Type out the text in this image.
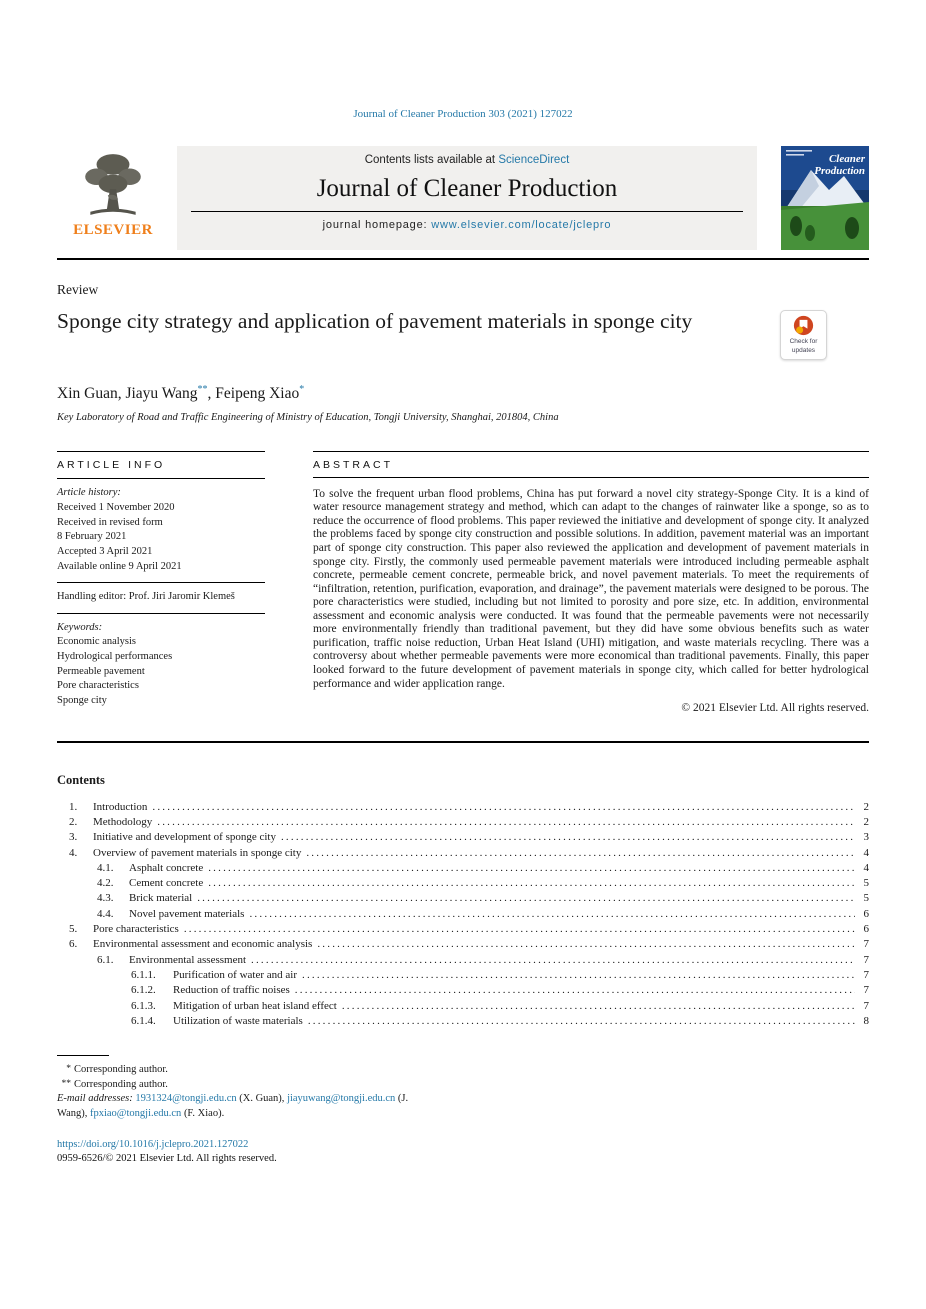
Journal of Cleaner Production 303 (2021) 127022
ELSEVIER
Contents lists available at ScienceDirect
Journal of Cleaner Production
journal homepage: www.elsevier.com/locate/jclepro
Cleaner
Production
Review
Sponge city strategy and application of pavement materials in sponge city
Check for updates
Xin Guan, Jiayu Wang**, Feipeng Xiao*
Key Laboratory of Road and Traffic Engineering of Ministry of Education, Tongji University, Shanghai, 201804, China
ARTICLE INFO
Article history:
Received 1 November 2020
Received in revised form
8 February 2021
Accepted 3 April 2021
Available online 9 April 2021
Handling editor: Prof. Jiri Jaromir Klemeš
Keywords:
Economic analysis
Hydrological performances
Permeable pavement
Pore characteristics
Sponge city
ABSTRACT

To solve the frequent urban flood problems, China has put forward a novel city strategy-Sponge City. It is a kind of water resource management strategy and method, which can adapt to the changes of rainwater like a sponge, so as to reduce the occurrence of flood problems. This paper reviewed the initiative and development of sponge city. It analyzed the problems faced by sponge city construction and possible solutions. In addition, pavement material was an important part of sponge city construction. This paper also reviewed the application and development of pavement materials in sponge city. Firstly, the commonly used permeable pavement materials were introduced including permeable asphalt concrete, permeable cement concrete, permeable brick, and novel pavement materials. To meet the requirements of “infiltration, retention, purification, evaporation, and drainage”, the pavement materials were designed to be porous. The pore characteristics were studied, including but not limited to porosity and pore size, etc. In addition, environmental assessment and economic analysis were conducted. It was found that the permeable pavements were not necessarily more environmentally friendly than traditional pavement, but they did have some obvious benefits such as water purification, traffic noise reduction, Urban Heat Island (UHI) mitigation, and waste materials recycling. There was a controversy about whether permeable pavements were more economical than traditional pavements. Finally, this paper looked forward to the future development of pavement materials in sponge city, which called for better hydrological performance and wider application range.

© 2021 Elsevier Ltd. All rights reserved.
Contents
1.	Introduction .....	2
2.	Methodology .....	2
3.	Initiative and development of sponge city .....	3
4.	Overview of pavement materials in sponge city .....	4
4.1.	Asphalt concrete .....	4
4.2.	Cement concrete .....	5
4.3.	Brick material .....	5
4.4.	Novel pavement materials .....	6
5.	Pore characteristics .....	6
6.	Environmental assessment and economic analysis .....	7
6.1.	Environmental assessment .....	7
6.1.1.	Purification of water and air .....	7
6.1.2.	Reduction of traffic noises .....	7
6.1.3.	Mitigation of urban heat island effect .....	7
6.1.4.	Utilization of waste materials .....	8
* Corresponding author.
** Corresponding author.
E-mail addresses: 1931324@tongji.edu.cn (X. Guan), jiayuwang@tongji.edu.cn (J. Wang), fpxiao@tongji.edu.cn (F. Xiao).
https://doi.org/10.1016/j.jclepro.2021.127022
0959-6526/© 2021 Elsevier Ltd. All rights reserved.
